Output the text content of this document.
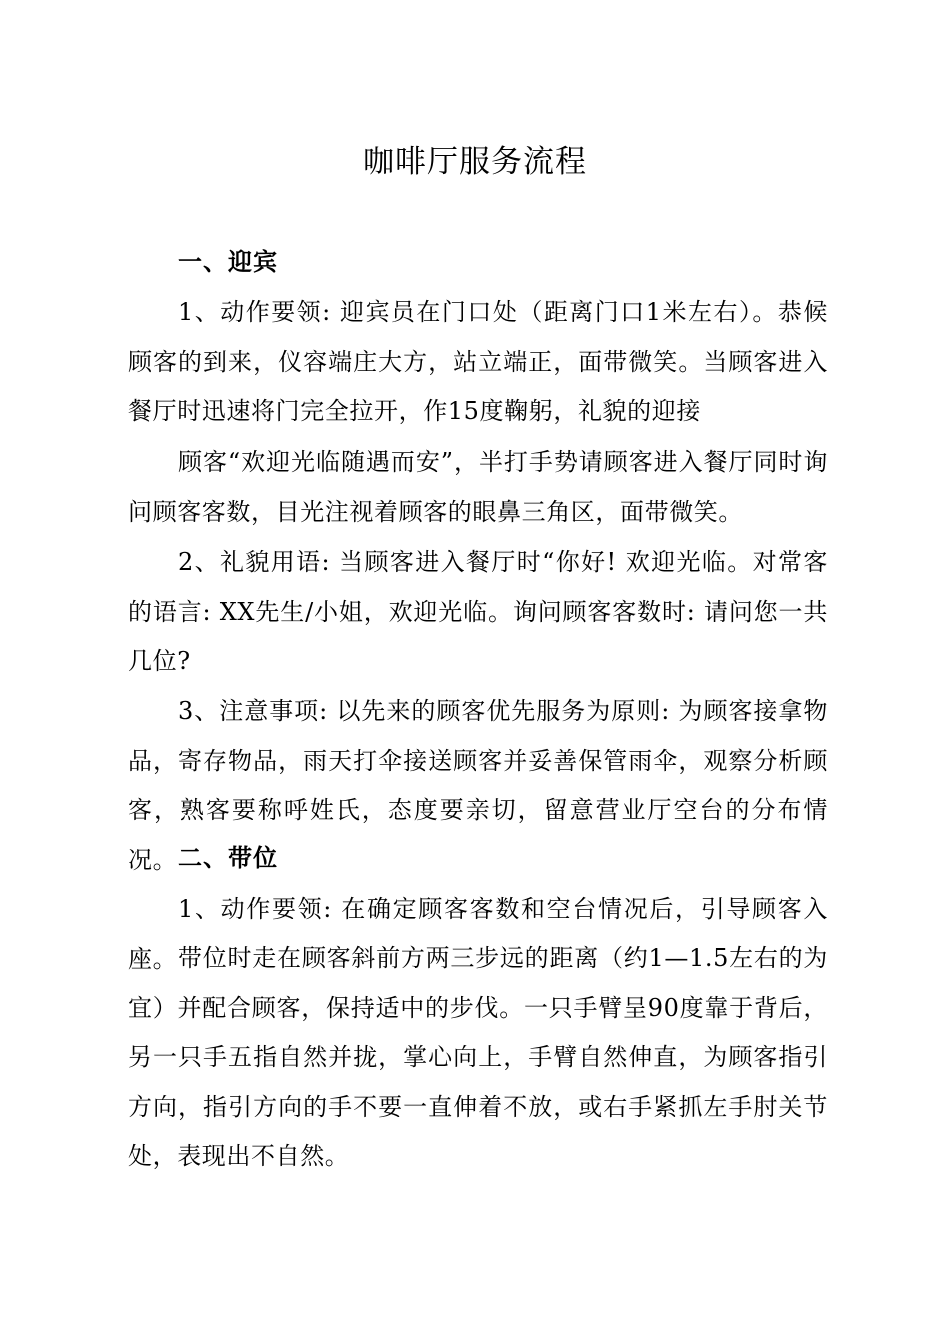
咖啡厅服务流程
一、迎宾

1、动作要领: 迎宾员在门口处（距离门口1米左右）。恭候顾客的到来，仪容端庄大方，站立端正，面带微笑。当顾客进入餐厅时迅速将门完全拉开，作15度鞠躬，礼貌的迎接

顾客“欢迎光临随遇而安”，半打手势请顾客进入餐厅同时询问顾客客数，目光注视着顾客的眼鼻三角区，面带微笑。

2、礼貌用语: 当顾客进入餐厅时“你好! 欢迎光临。对常客的语言: XX先生/小姐，欢迎光临。询问顾客客数时: 请问您一共几位?

3、注意事项: 以先来的顾客优先服务为原则: 为顾客接拿物品，寄存物品，雨天打伞接送顾客并妥善保管雨伞，观察分析顾客，熟客要称呼姓氏，态度要亲切，留意营业厅空台的分布情况。 二、带位

1、动作要领: 在确定顾客客数和空台情况后，引导顾客入座。 带位时走在顾客斜前方两三步远的距离（约1—1.5左右的为宜）并配合顾客，保持适中的步伐。一只手臂呈90度靠于背后，另一只手五指自然并拢，掌心向上，手臂自然伸直，为顾客指引方向，指引方向的手不要一直伸着不放，或右手紧抓左手肘关节处，表现出不自然。
